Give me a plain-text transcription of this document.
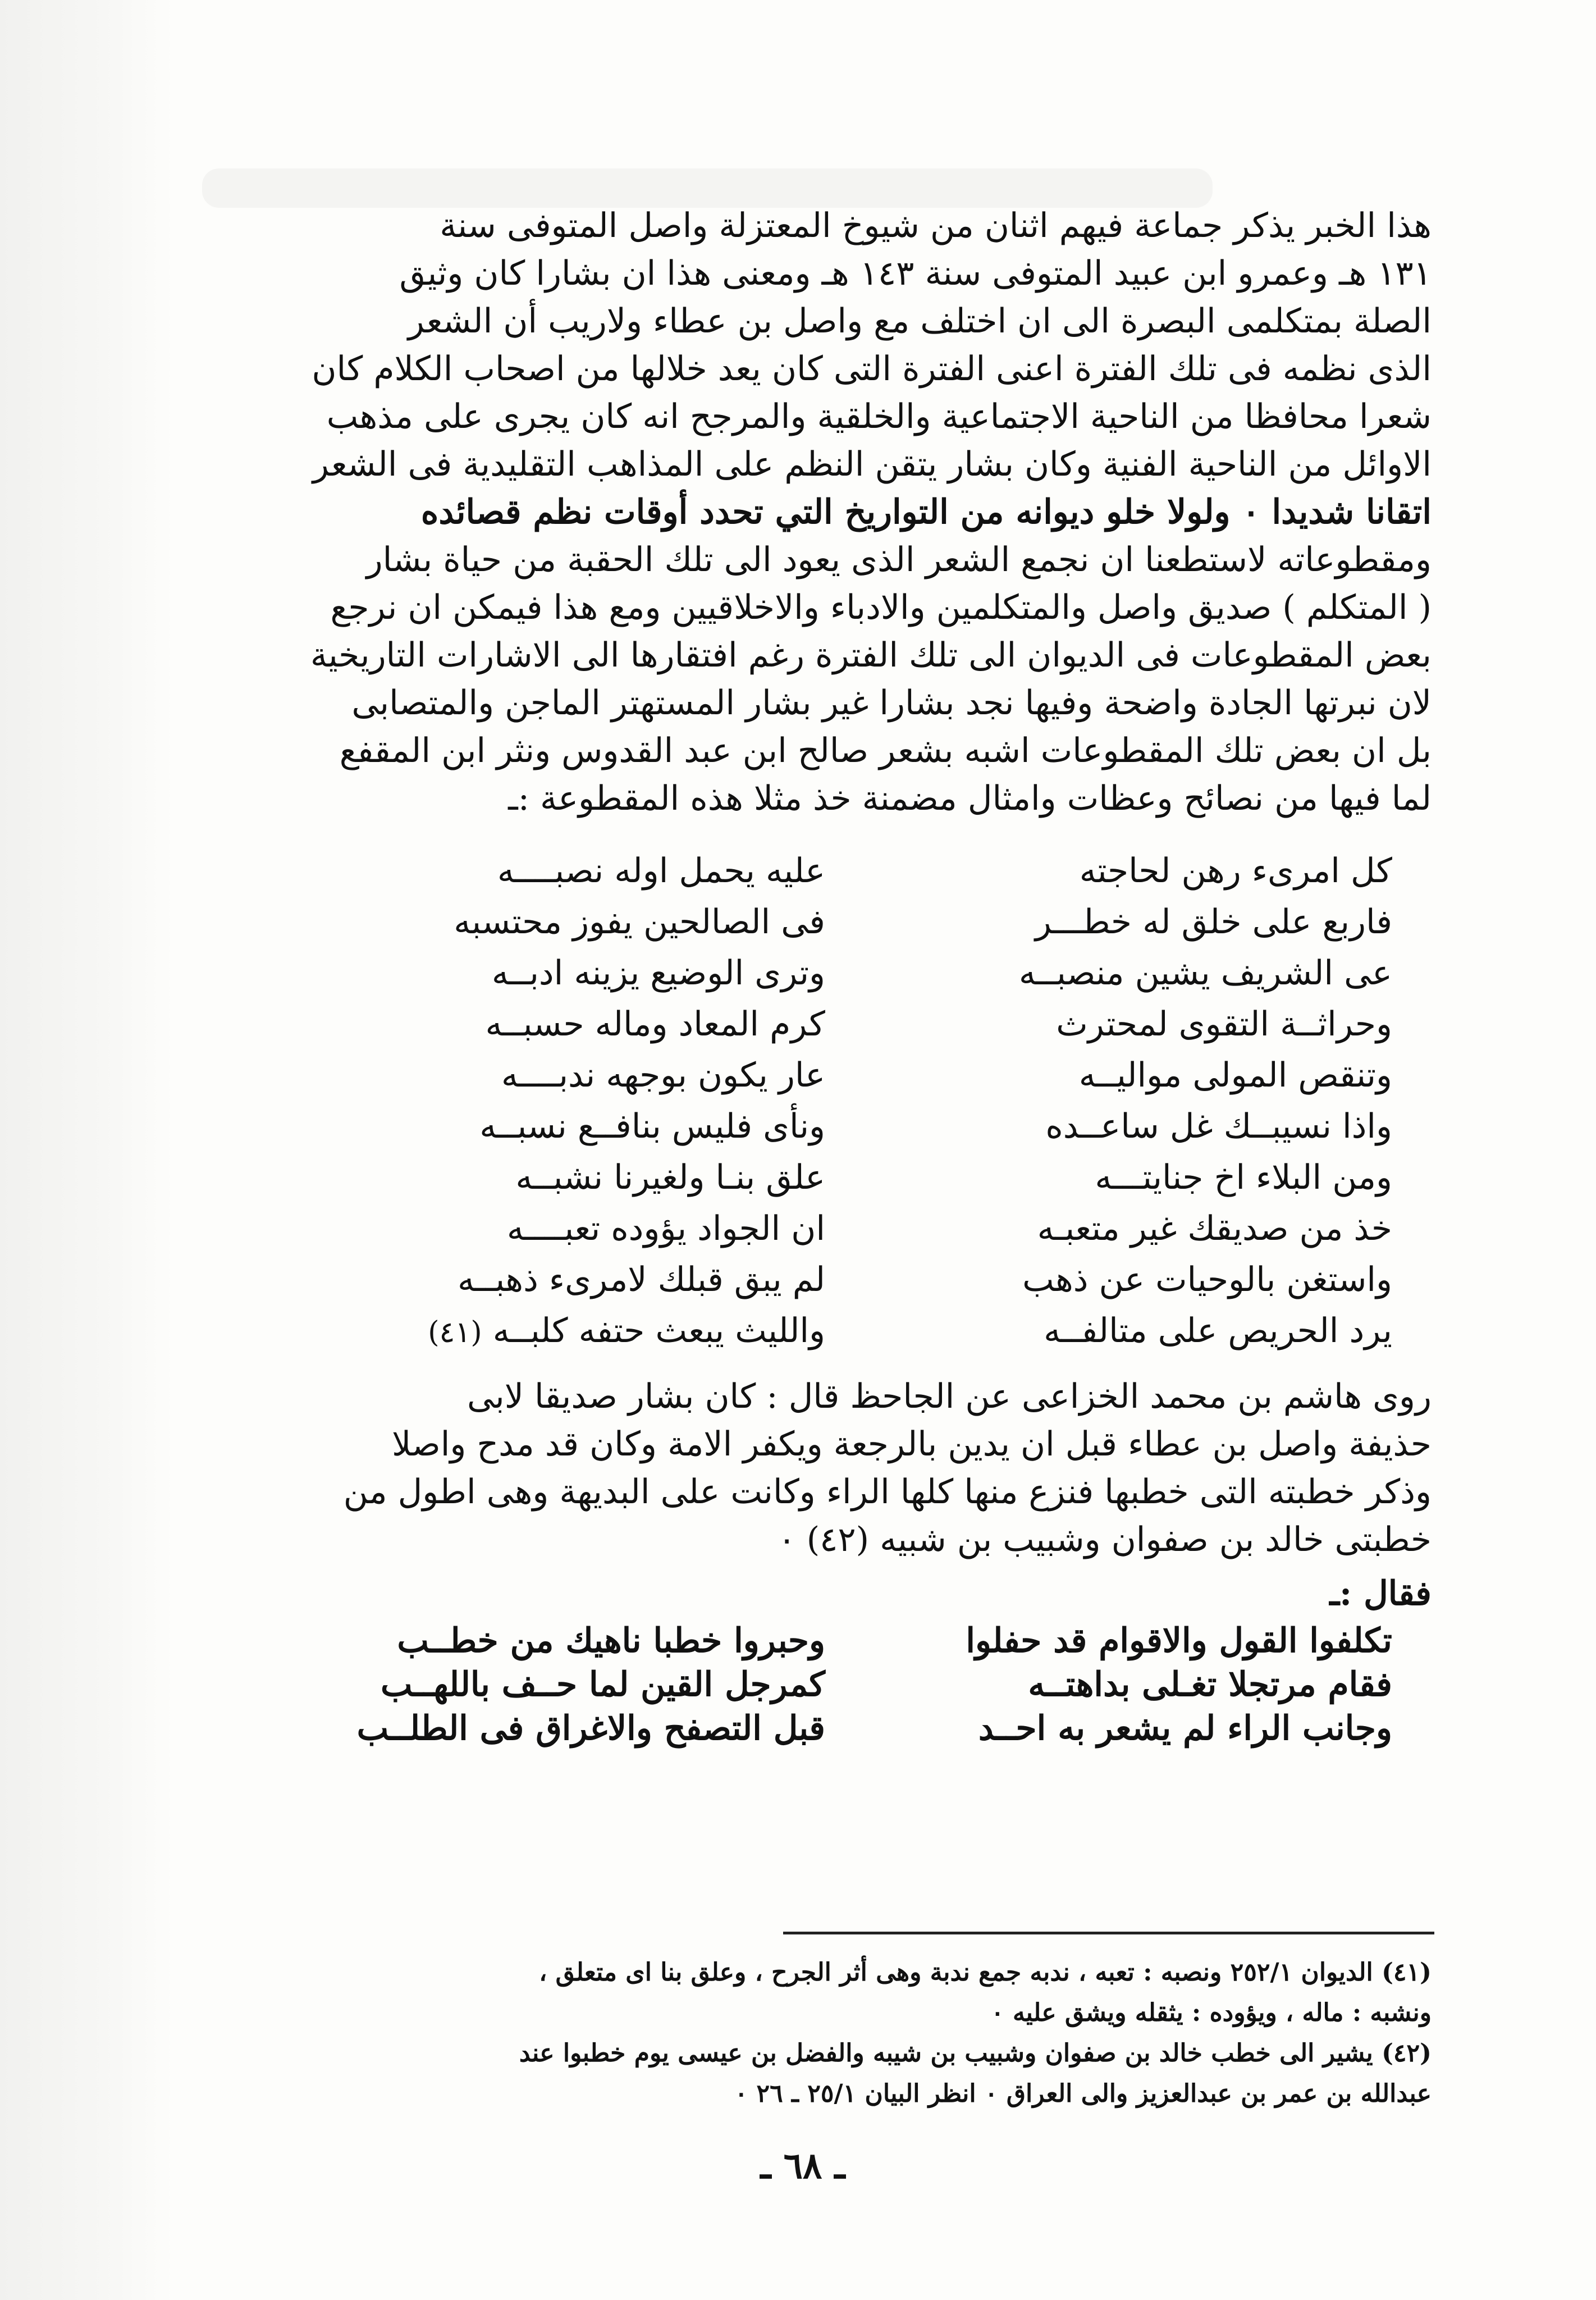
هذا الخبر يذكر جماعة فيهم اثنان من شيوخ المعتزلة واصل المتوفى سنة

١٣١ هـ وعمرو ابن عبيد المتوفى سنة ١٤٣ هـ ومعنى هذا ان بشارا كان وثيق

الصلة بمتكلمى البصرة الى ان اختلف مع واصل بن عطاء ولاريب أن الشعر

الذى نظمه فى تلك الفترة اعنى الفترة التى كان يعد خلالها من اصحاب الكلام كان

شعرا محافظا من الناحية الاجتماعية والخلقية والمرجح انه كان يجرى على مذهب

الاوائل من الناحية الفنية وكان بشار يتقن النظم على المذاهب التقليدية فى الشعر

اتقانا شديدا ٠ ولولا خلو ديوانه من التواريخ التي تحدد أوقات نظم قصائده

ومقطوعاته لاستطعنا ان نجمع الشعر الذى يعود الى تلك الحقبة من حياة بشار

( المتكلم ) صديق واصل والمتكلمين والادباء والاخلاقيين ومع هذا فيمكن ان نرجع

بعض المقطوعات فى الديوان الى تلك الفترة رغم افتقارها الى الاشارات التاريخية

لان نبرتها الجادة واضحة وفيها نجد بشارا غير بشار المستهتر الماجن والمتصابى

بل ان بعض تلك المقطوعات اشبه بشعر صالح ابن عبد القدوس ونثر ابن المقفع

لما فيها من نصائح وعظات وامثال مضمنة خذ مثلا هذه المقطوعة :ـ

كل امرىء رهن لحاجته
عليه يحمل اوله نصبــــه
فاربع على خلق له خطـــر
فى الصالحين يفوز محتسبه
عى الشريف يشين منصبــه
وترى الوضيع يزينه ادبــه
وحراثــة التقوى لمحترث
كرم المعاد وماله حسبــه
وتنقص المولى مواليــه
عار يكون بوجهه ندبــــه
واذا نسيبــك غل ساعــده
ونأى فليس بنافــع نسبــه
ومن البلاء اخ جنايتـــه
علق بنـا ولغيرنا نشبــه
خذ من صديقك غير متعبـه
ان الجواد يؤوده تعبــــه
واستغن بالوحيات عن ذهب
لم يبق قبلك لامرىء ذهبــه
يرد الحريص على متالفــه
والليث يبعث حتفه كلبــه (٤١)

روى هاشم بن محمد الخزاعى عن الجاحظ قال : كان بشار صديقا لابى

حذيفة واصل بن عطاء قبل ان يدين بالرجعة ويكفر الامة وكان قد مدح واصلا

وذكر خطبته التى خطبها فنزع منها كلها الراء وكانت على البديهة وهى اطول من

خطبتى خالد بن صفوان وشبيب بن شبيه (٤٢) ٠

فقال :ـ
تكلفوا القول والاقوام قد حفلوا
وحبروا خطبا ناهيك من خطــب
فقام مرتجلا تغـلى بداهتــه
كمرجل القين لما حــف باللهــب
وجانب الراء لم يشعر به احــد
قبل التصفح والاغراق فى الطلــب

(٤١) الديوان ٢٥٢/١ ونصبه : تعبه ، ندبه جمع ندبة وهى أثر الجرح ، وعلق بنا اى متعلق ،

ونشبه : ماله ، ويؤوده : يثقله ويشق عليه ٠

(٤٢) يشير الى خطب خالد بن صفوان وشبيب بن شيبه والفضل بن عيسى يوم خطبوا عند

عبدالله بن عمر بن عبدالعزيز والى العراق ٠ انظر البيان ٢٥/١ ـ ٢٦ ٠

ـ ٦٨ ـ
